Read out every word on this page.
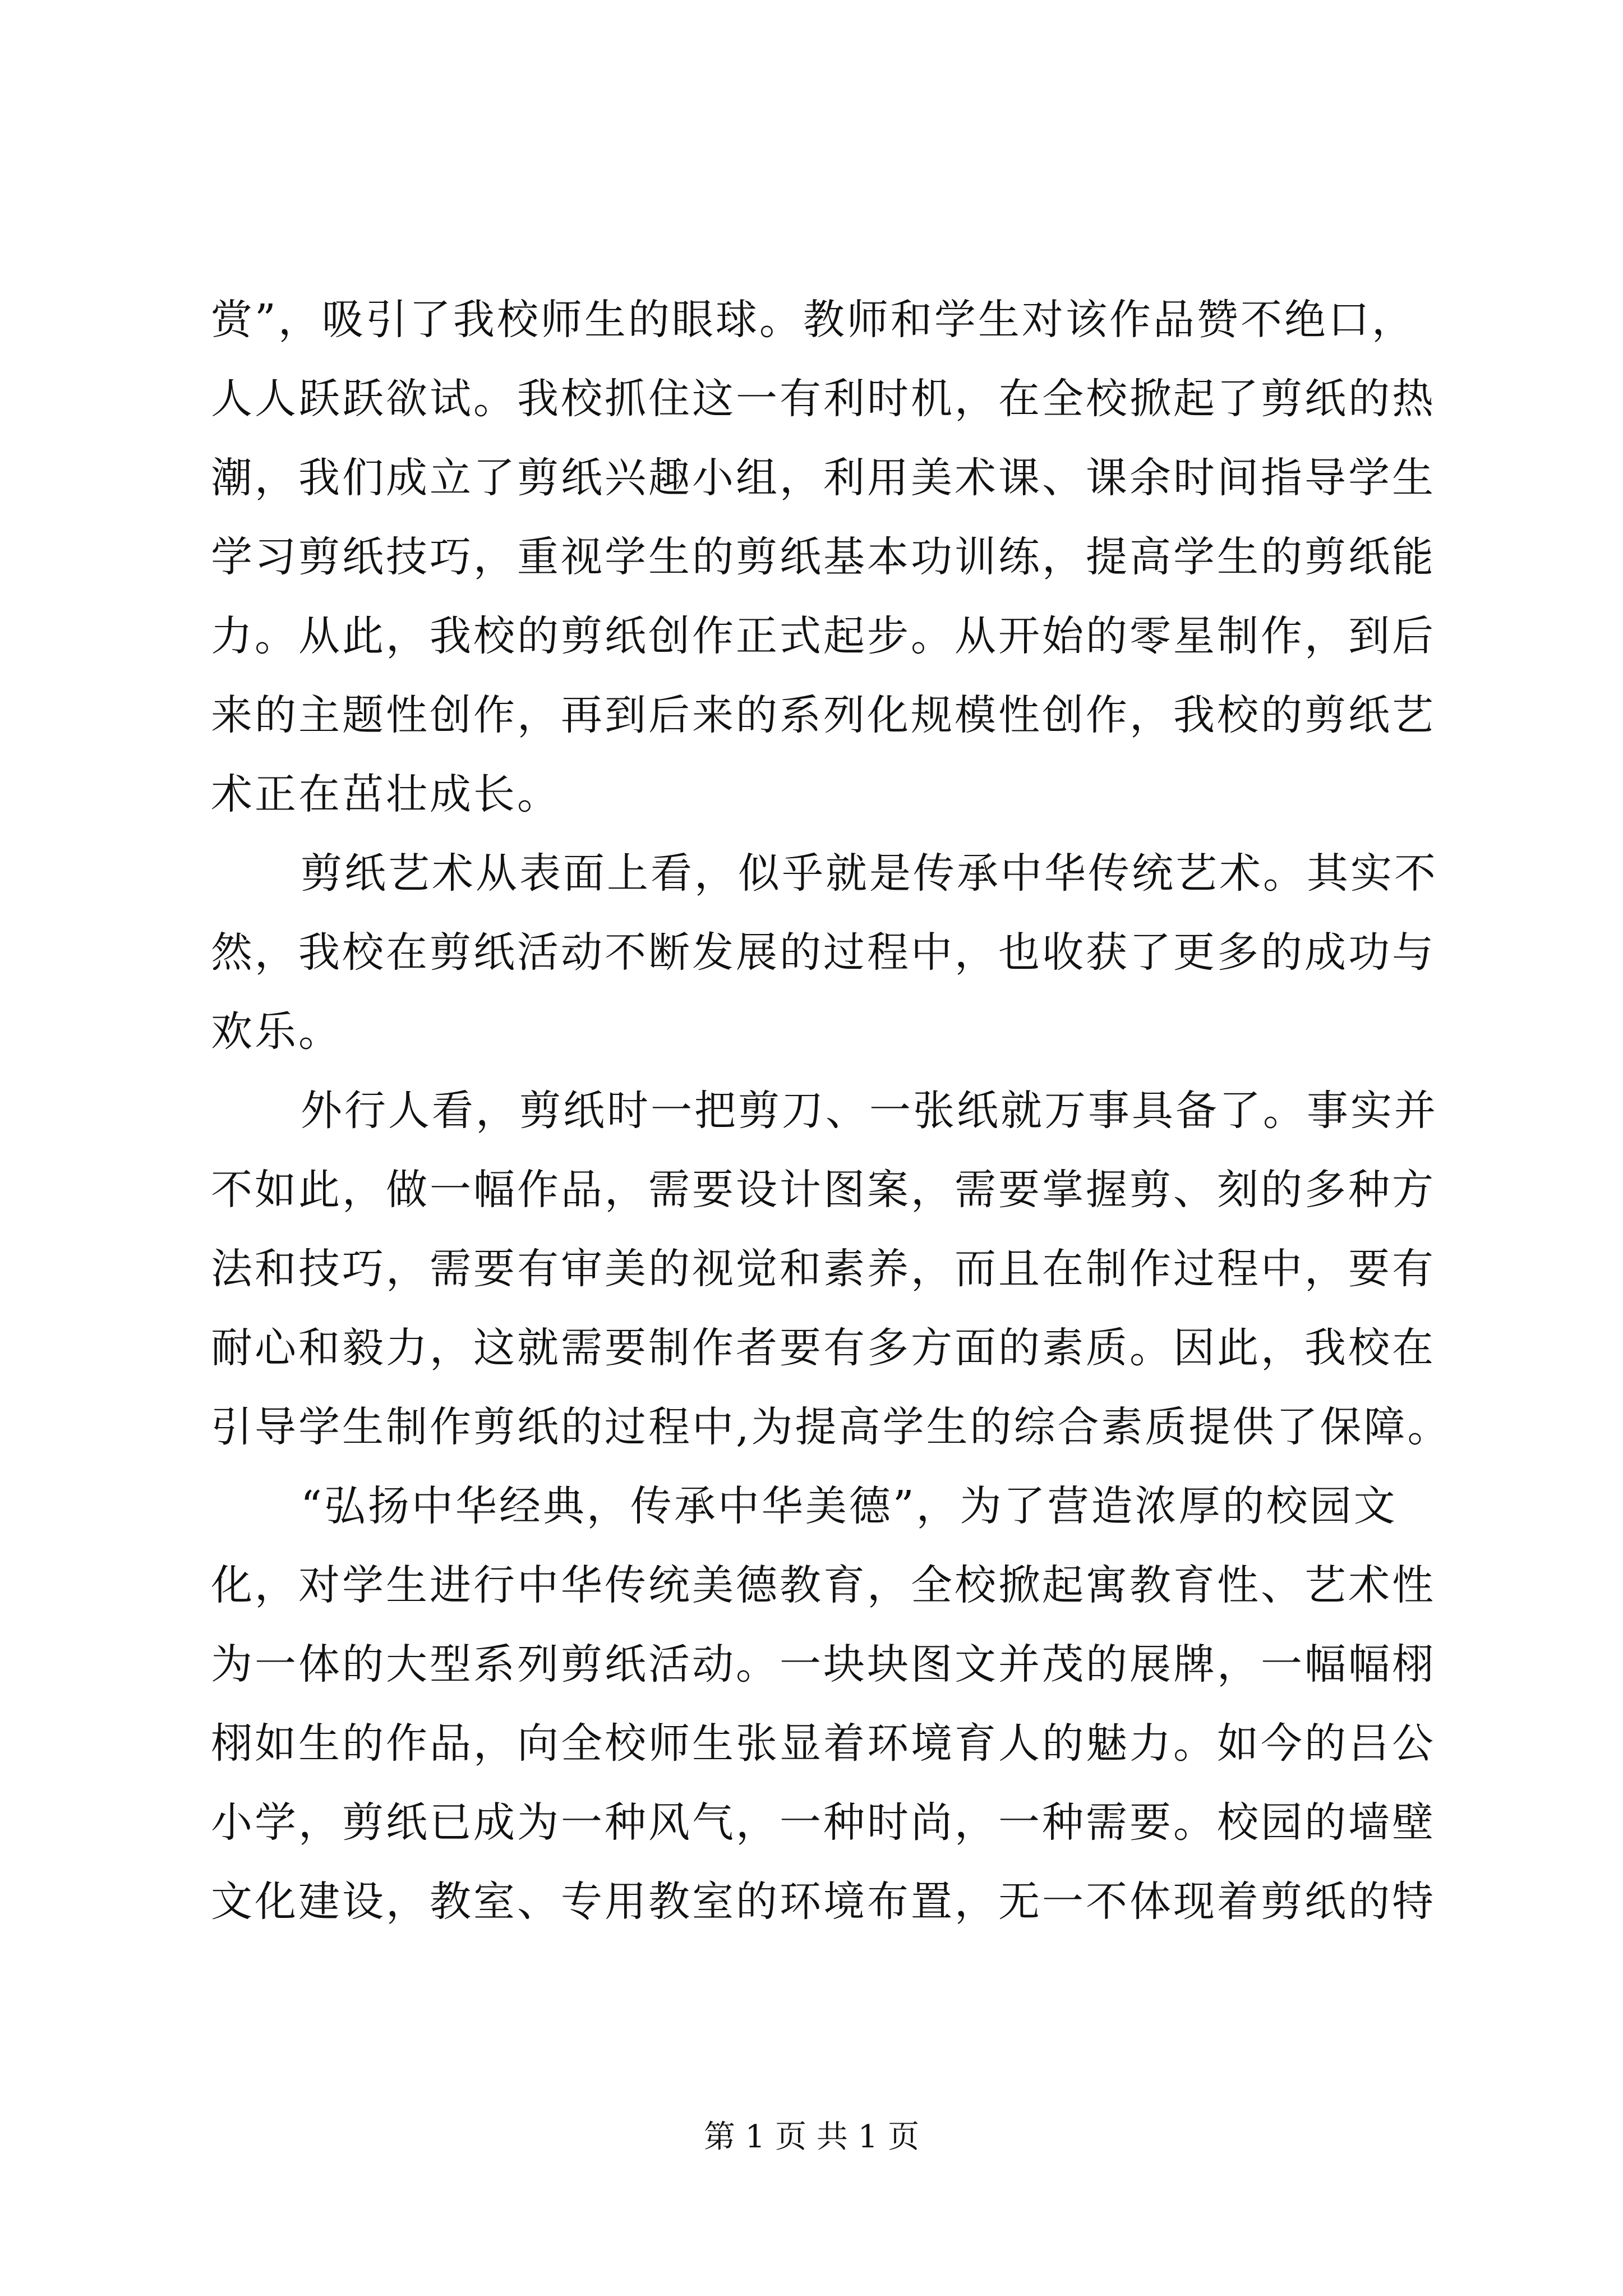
赏”，吸引了我校师生的眼球。教师和学生对该作品赞不绝口，
人人跃跃欲试。我校抓住这一有利时机，在全校掀起了剪纸的热
潮，我们成立了剪纸兴趣小组，利用美术课、课余时间指导学生
学习剪纸技巧，重视学生的剪纸基本功训练，提高学生的剪纸能
力。从此，我校的剪纸创作正式起步。从开始的零星制作，到后
来的主题性创作，再到后来的系列化规模性创作，我校的剪纸艺
术正在茁壮成长。
剪纸艺术从表面上看，似乎就是传承中华传统艺术。其实不
然，我校在剪纸活动不断发展的过程中，也收获了更多的成功与
欢乐。
外行人看，剪纸时一把剪刀、一张纸就万事具备了。事实并
不如此，做一幅作品，需要设计图案，需要掌握剪、刻的多种方
法和技巧，需要有审美的视觉和素养，而且在制作过程中，要有
耐心和毅力，这就需要制作者要有多方面的素质。因此，我校在
引导学生制作剪纸的过程中,为提高学生的综合素质提供了保障。
“弘扬中华经典，传承中华美德”，为了营造浓厚的校园文
化，对学生进行中华传统美德教育，全校掀起寓教育性、艺术性
为一体的大型系列剪纸活动。一块块图文并茂的展牌，一幅幅栩
栩如生的作品，向全校师生张显着环境育人的魅力。如今的吕公
小学，剪纸已成为一种风气，一种时尚，一种需要。校园的墙壁
文化建设，教室、专用教室的环境布置，无一不体现着剪纸的特
第 1 页 共 1 页
